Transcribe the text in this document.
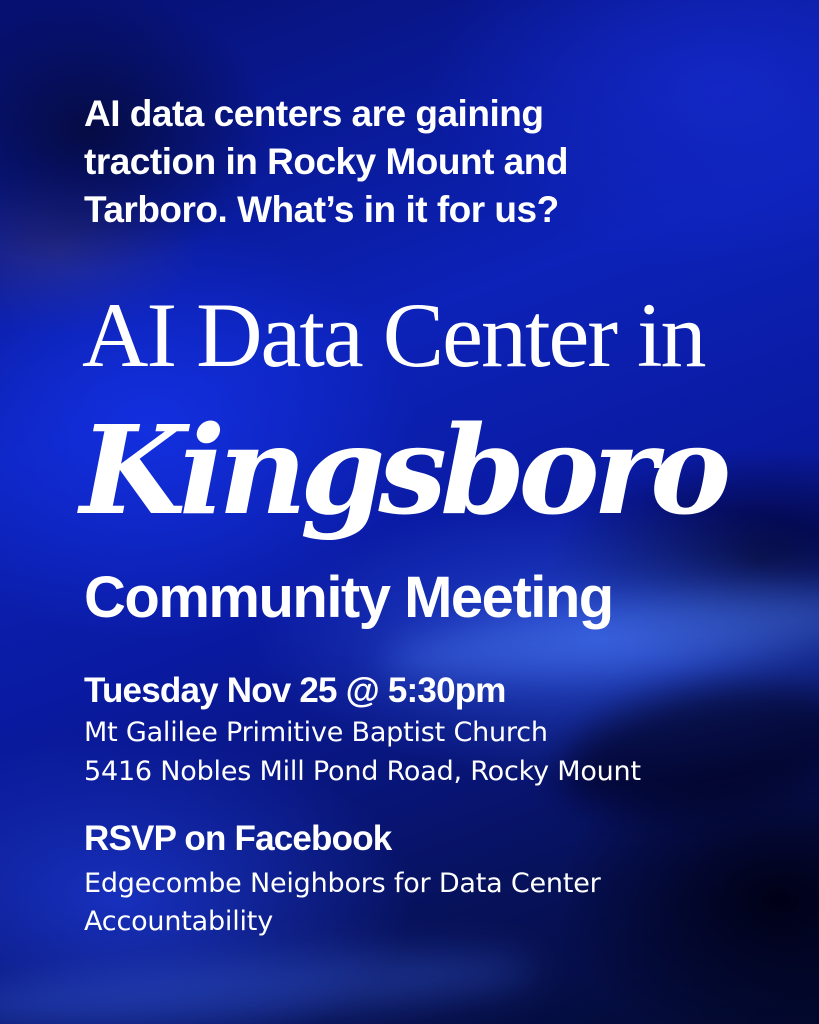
AI data centers are gaining traction in Rocky Mount and Tarboro. What’s in it for us?
AI Data Center in
Kingsboro
Community Meeting
Tuesday Nov 25 @ 5:30pm
Mt Galilee Primitive Baptist Church
5416 Nobles Mill Pond Road, Rocky Mount
RSVP on Facebook
Edgecombe Neighbors for Data Center
Accountability
